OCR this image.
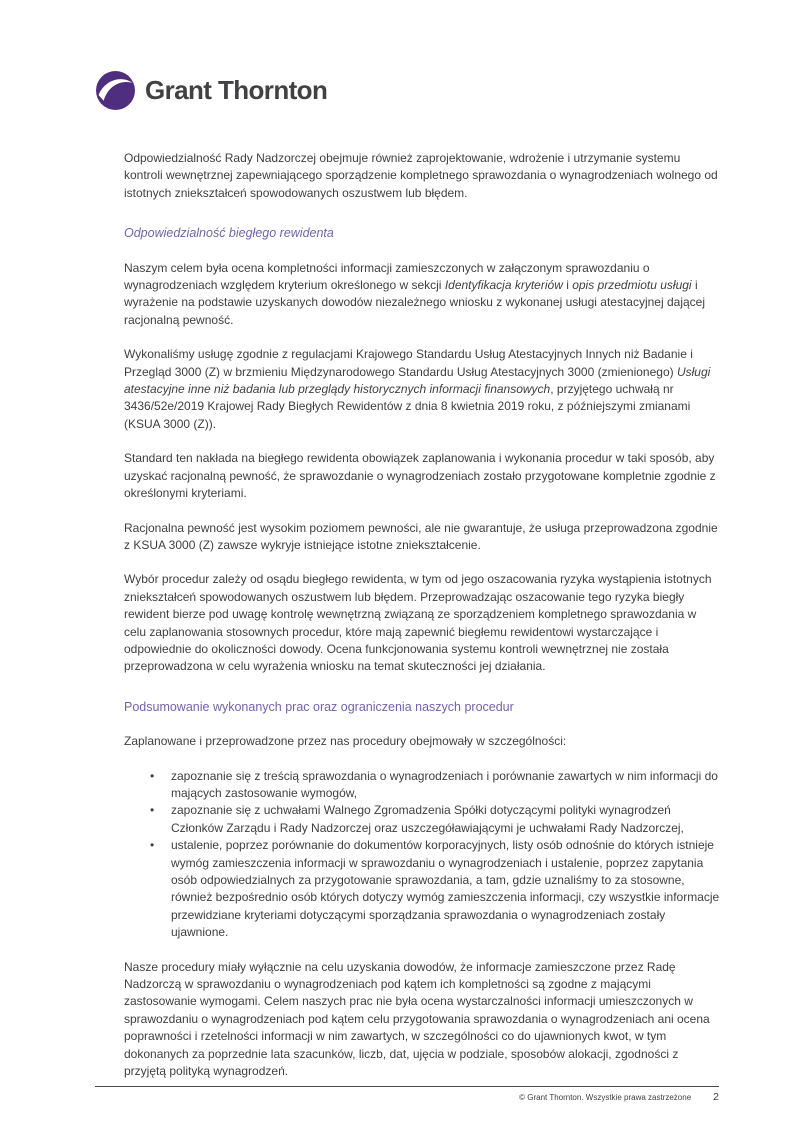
Grant Thornton

Odpowiedzialność Rady Nadzorczej obejmuje również zaprojektowanie, wdrożenie i utrzymanie systemu kontroli wewnętrznej zapewniającego sporządzenie kompletnego sprawozdania o wynagrodzeniach wolnego od istotnych zniekształceń spowodowanych oszustwem lub błędem.

Odpowiedzialność biegłego rewidenta

Naszym celem była ocena kompletności informacji zamieszczonych w załączonym sprawozdaniu o wynagrodzeniach względem kryterium określonego w sekcji Identyfikacja kryteriów i opis przedmiotu usługi i wyrażenie na podstawie uzyskanych dowodów niezależnego wniosku z wykonanej usługi atestacyjnej dającej racjonalną pewność.

Wykonaliśmy usługę zgodnie z regulacjami Krajowego Standardu Usług Atestacyjnych Innych niż Badanie i Przegląd 3000 (Z) w brzmieniu Międzynarodowego Standardu Usług Atestacyjnych 3000 (zmienionego) Usługi atestacyjne inne niż badania lub przeglądy historycznych informacji finansowych, przyjętego uchwałą nr 3436/52e/2019 Krajowej Rady Biegłych Rewidentów z dnia 8 kwietnia 2019 roku, z późniejszymi zmianami (KSUA 3000 (Z)).

Standard ten nakłada na biegłego rewidenta obowiązek zaplanowania i wykonania procedur w taki sposób, aby uzyskać racjonalną pewność, że sprawozdanie o wynagrodzeniach zostało przygotowane kompletnie zgodnie z określonymi kryteriami.

Racjonalna pewność jest wysokim poziomem pewności, ale nie gwarantuje, że usługa przeprowadzona zgodnie z KSUA 3000 (Z) zawsze wykryje istniejące istotne zniekształcenie.

Wybór procedur zależy od osądu biegłego rewidenta, w tym od jego oszacowania ryzyka wystąpienia istotnych zniekształceń spowodowanych oszustwem lub błędem. Przeprowadzając oszacowanie tego ryzyka biegły rewident bierze pod uwagę kontrolę wewnętrzną związaną ze sporządzeniem kompletnego sprawozdania w celu zaplanowania stosownych procedur, które mają zapewnić biegłemu rewidentowi wystarczające i odpowiednie do okoliczności dowody. Ocena funkcjonowania systemu kontroli wewnętrznej nie została przeprowadzona w celu wyrażenia wniosku na temat skuteczności jej działania.

Podsumowanie wykonanych prac oraz ograniczenia naszych procedur

Zaplanowane i przeprowadzone przez nas procedury obejmowały w szczególności:

•	zapoznanie się z treścią sprawozdania o wynagrodzeniach i porównanie zawartych w nim informacji do mających zastosowanie wymogów,
•	zapoznanie się z uchwałami Walnego Zgromadzenia Spółki dotyczącymi polityki wynagrodzeń Członków Zarządu i Rady Nadzorczej oraz uszczegóławiającymi je uchwałami Rady Nadzorczej,
•	ustalenie, poprzez porównanie do dokumentów korporacyjnych, listy osób odnośnie do których istnieje wymóg zamieszczenia informacji w sprawozdaniu o wynagrodzeniach i ustalenie, poprzez zapytania osób odpowiedzialnych za przygotowanie sprawozdania, a tam, gdzie uznaliśmy to za stosowne, również bezpośrednio osób których dotyczy wymóg zamieszczenia informacji, czy wszystkie informacje przewidziane kryteriami dotyczącymi sporządzania sprawozdania o wynagrodzeniach zostały ujawnione.

Nasze procedury miały wyłącznie na celu uzyskania dowodów, że informacje zamieszczone przez Radę Nadzorczą w sprawozdaniu o wynagrodzeniach pod kątem ich kompletności są zgodne z mającymi zastosowanie wymogami. Celem naszych prac nie była ocena wystarczalności informacji umieszczonych w sprawozdaniu o wynagrodzeniach pod kątem celu przygotowania sprawozdania o wynagrodzeniach ani ocena poprawności i rzetelności informacji w nim zawartych, w szczególności co do ujawnionych kwot, w tym dokonanych za poprzednie lata szacunków, liczb, dat, ujęcia w podziale, sposobów alokacji, zgodności z przyjętą polityką wynagrodzeń.

© Grant Thornton. Wszystkie prawa zastrzeżone 2
